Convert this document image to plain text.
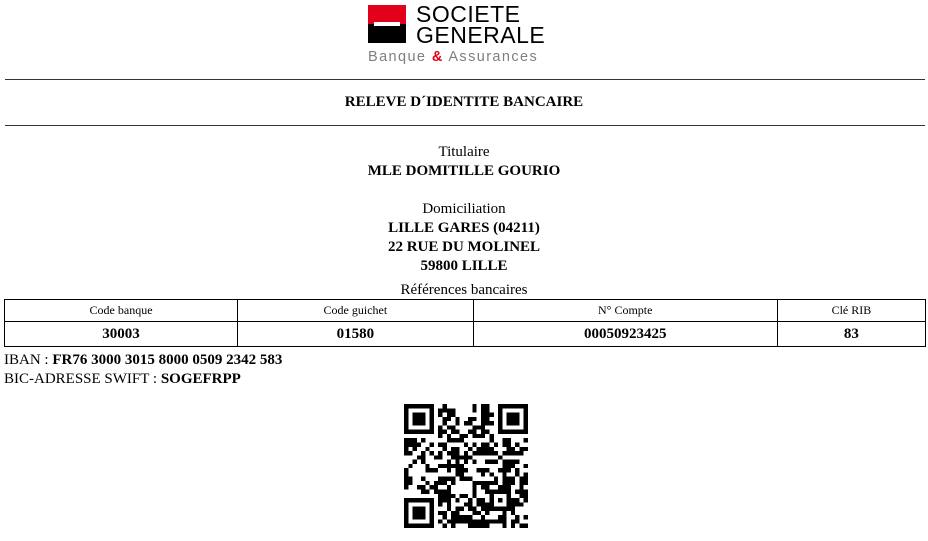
SOCIETE
GENERALE
Banque & Assurances
RELEVE D´IDENTITE BANCAIRE
Titulaire
MLE DOMITILLE GOURIO
Domiciliation
LILLE GARES (04211)
22 RUE DU MOLINEL
59800 LILLE
Références bancaires
Code banque	Code guichet	N° Compte	Clé RIB
30003	01580	00050923425	83
IBAN : FR76 3000 3015 8000 0509 2342 583
BIC-ADRESSE SWIFT : SOGEFRPP
